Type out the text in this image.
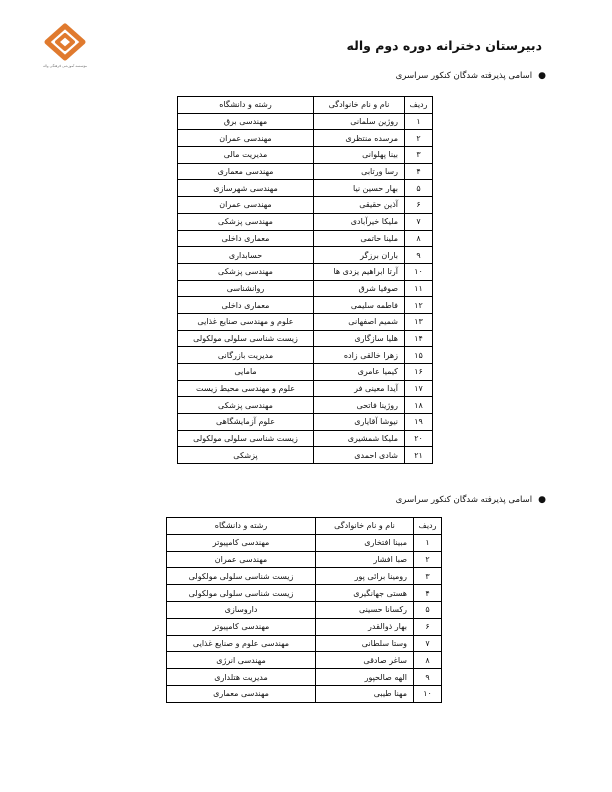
مؤسسه آموزشی فرهنگی واله
دبیرستان دخترانه دوره دوم واله
●اسامی پذیرفته شدگان کنکور سراسری
ردیف	نام و نام خانوادگی	رشته و دانشگاه
۱	روژین سلمانی	مهندسی برق
۲	مرسده منتظری	مهندسی عمران
۳	بینا پهلوانی	مدیریت مالی
۴	رسا ورتابی	مهندسی معماری
۵	بهار حسین نیا	مهندسی شهرسازی
۶	آذین حقیقی	مهندسی عمران
۷	ملیکا خیرآبادی	مهندسی پزشکی
۸	ملینا حاتمی	معماری داخلی
۹	باران برزگر	حسابداری
۱۰	آرتا ابراهیم یزدی ها	مهندسی پزشکی
۱۱	صوفیا شرق	روانشناسی
۱۲	فاطمه سلیمی	معماری داخلی
۱۳	شمیم اصفهانی	علوم و مهندسی صنایع غذایی
۱۴	هلیا سازگاری	زیست شناسی سلولی مولکولی
۱۵	زهرا خالقی زاده	مدیریت بازرگانی
۱۶	کیمیا عامری	مامایی
۱۷	آیدا معینی فر	علوم و مهندسی محیط زیست
۱۸	روژینا فاتحی	مهندسی پزشکی
۱۹	نیوشا آقایاری	علوم آزمایشگاهی
۲۰	ملیکا شمشیری	زیست شناسی سلولی مولکولی
۲۱	شادی احمدی	پزشکی
●اسامی پذیرفته شدگان کنکور سراسری
ردیف	نام و نام خانوادگی	رشته و دانشگاه
۱	مبینا افتخاری	مهندسی کامپیوتر
۲	صبا افشار	مهندسی عمران
۳	رومینا برائی پور	زیست شناسی سلولی مولکولی
۴	هستی جهانگیری	زیست شناسی سلولی مولکولی
۵	رکسانا حسینی	داروسازی
۶	بهار ذوالقدر	مهندسی کامپیوتر
۷	وستا سلطانی	مهندسی علوم و صنایع غذایی
۸	ساغر صادقی	مهندسی انرژی
۹	الهه صالحپور	مدیریت هتلداری
۱۰	مهنا طیبی	مهندسی معماری
